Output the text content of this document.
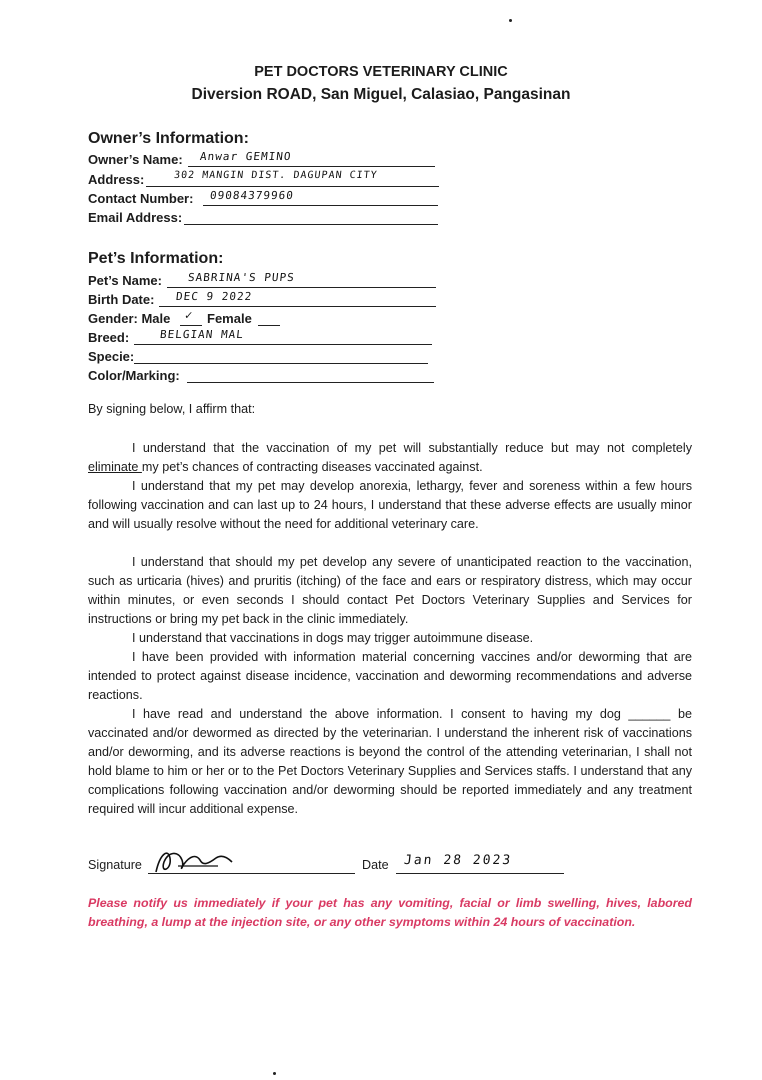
PET DOCTORS VETERINARY CLINIC
Diversion ROAD, San Miguel, Calasiao, Pangasinan
Owner’s Information:
Owner’s Name: Anwar GEMINO
Address:	302 MANGIN DIST. DAGUPAN CITY
Contact Number: 09084379960
Email Address:
Pet’s Information:
Pet’s Name: SABRINA'S PUPS
Birth Date: DEC 9 2022
Gender: Male ✓ Female
Breed:	BELGIAN MAL
Specie:
Color/Marking:
By signing below, I affirm that:
I understand that the vaccination of my pet will substantially reduce but may not completely eliminate my pet’s chances of contracting diseases vaccinated against.
I understand that my pet may develop anorexia, lethargy, fever and soreness within a few hours following vaccination and can last up to 24 hours, I understand that these adverse effects are usually minor and will usually resolve without the need for additional veterinary care.
I understand that should my pet develop any severe of unanticipated reaction to the vaccination, such as urticaria (hives) and pruritis (itching) of the face and ears or respiratory distress, which may occur within minutes, or even seconds I should contact Pet Doctors Veterinary Supplies and Services for instructions or bring my pet back in the clinic immediately.
I understand that vaccinations in dogs may trigger autoimmune disease.
I have been provided with information material concerning vaccines and/or deworming that are intended to protect against disease incidence, vaccination and deworming recommendations and adverse reactions.
I have read and understand the above information. I consent to having my dog ______ be vaccinated and/or dewormed as directed by the veterinarian. I understand the inherent risk of vaccinations and/or deworming, and its adverse reactions is beyond the control of the attending veterinarian, I shall not hold blame to him or her or to the Pet Doctors Veterinary Supplies and Services staffs. I understand that any complications following vaccination and/or deworming should be reported immediately and any treatment required will incur additional expense.
Signature	Date Jan 28 2023
Please notify us immediately if your pet has any vomiting, facial or limb swelling, hives, labored breathing, a lump at the injection site, or any other symptoms within 24 hours of vaccination.
